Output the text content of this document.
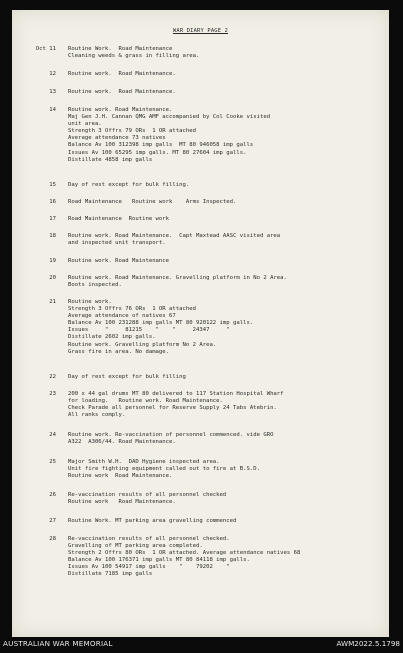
WAR DIARY PAGE 2
Oct 11 Routine Work.  Road Maintenance
Cleaning weeds & grass in filling area.
12 Routine work.  Road Maintenance.
13 Routine work.  Road Maintenance.
14 Routine work. Road Maintenance.
Maj Gen J.H. Cannan QMG AMF accompanied by Col Cooke visited
unit area.
Strength 3 Offrs 79 ORs  1 OR attached
Average attendance 73 natives
Balance Av 100 312398 imp galls  MT 80 946058 imp galls
Issues Av 100 65295 imp galls. MT 80 27604 imp galls.
Distillate 4858 imp galls
15 Day of rest except for bulk filling.
16 Road Maintenance   Routine work    Arms Inspected.
17 Road Maintenance  Routine work
18 Routine work. Road Maintenance.  Capt Maxtead AASC visited area
and inspected unit transport.
19 Routine work. Road Maintenance
20 Routine work. Road Maintenance. Gravelling platform in No 2 Area.
Boots inspected.
21 Routine work.
Strength 3 Offrs 76 ORs  1 OR attached
Average attendance of natives 67
Balance Av 100 231288 imp galls MT 80 920122 imp galls.
Issues     "     81215    "    "     24347     "
Distillate 2602 imp galls.
Routine work. Gravelling platform No 2 Area.
Grass fire in area. No damage.
22 Day of rest except for bulk filling
23 200 x 44 gal drums MT 80 delivered to 117 Station Hospital Wharf
for loading.   Routine work. Road Maintenance.
Check Parade all personnel for Reserve Supply 24 Tabs Atebrin.
All ranks comply.
24 Routine work. Re-vaccination of personnel commenced. vide GRO
A322  A306/44. Road Maintenance.
25 Major Smith W.H.  DAD Hygiene inspected area.
Unit fire fighting equipment called out to fire at B.S.D.
Routine work  Road Maintenance.
26 Re-vaccination results of all personnel checked
Routine work   Road Maintenance.
27 Routine Work. MT parking area gravelling commenced
28 Re-vaccination results of all personnel checked.
Gravelling of MT parking area completed.
Strength 2 Offrs 80 ORs  1 OR attached. Average attendance natives 68
Balance Av 100 176371 imp galls MT 80 84118 imp galls.
Issues Av 100 54917 imp galls    "    79202    "
Distillate 7185 imp galls
AUSTRALIAN WAR MEMORIAL	AWM2022.5.1798
